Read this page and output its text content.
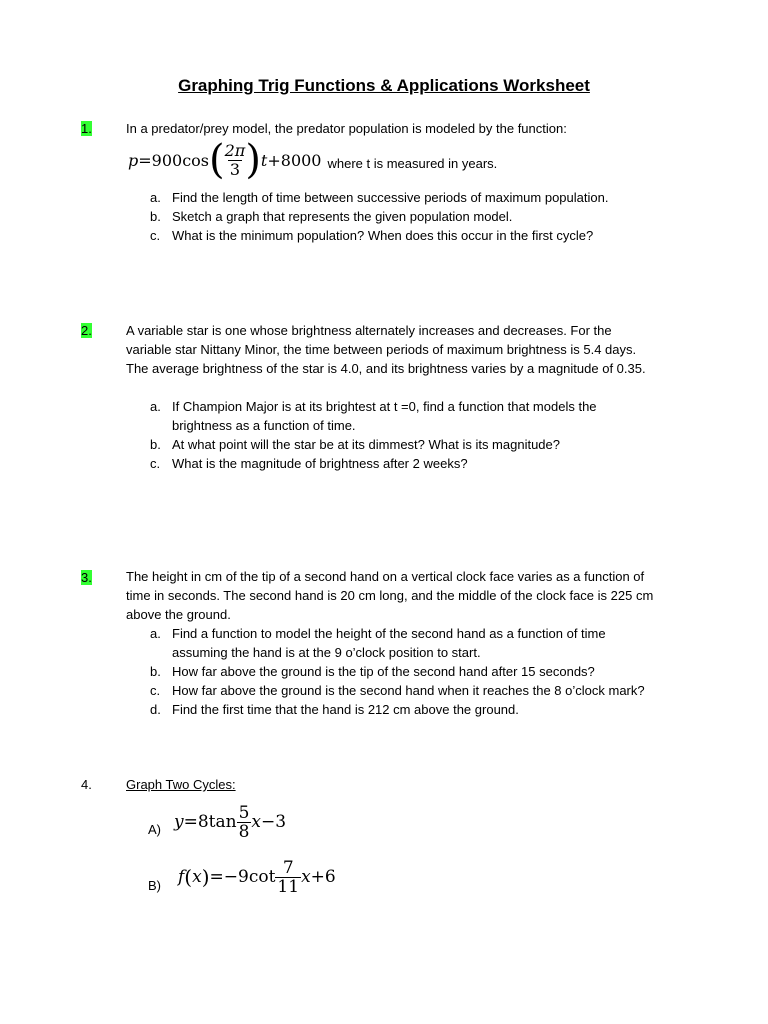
Graphing Trig Functions & Applications Worksheet
1.	In a predator/prey model, the predator population is modeled by the function:
p = 900cos ( $\frac{2\pi}{3}$ ) t +8000 where t is measured in years.
a. Find the length of time between successive periods of maximum population.
b. Sketch a graph that represents the given population model.
c. What is the minimum population? When does this occur in the first cycle?
2.	A variable star is one whose brightness alternately increases and decreases. For the
variable star Nittany Minor, the time between periods of maximum brightness is 5.4 days.
The average brightness of the star is 4.0, and its brightness varies by a magnitude of 0.35.
a. If Champion Major is at its brightest at t =0, find a function that models the
brightness as a function of time.
b. At what point will the star be at its dimmest? What is its magnitude?
c. What is the magnitude of brightness after 2 weeks?
3.	The height in cm of the tip of a second hand on a vertical clock face varies as a function of
time in seconds. The second hand is 20 cm long, and the middle of the clock face is 225 cm
above the ground.
a. Find a function to model the height of the second hand as a function of time
assuming the hand is at the 9 o’clock position to start.
b. How far above the ground is the tip of the second hand after 15 seconds?
c. How far above the ground is the second hand when it reaches the 8 o’clock mark?
d. Find the first time that the hand is 212 cm above the ground.
4.	Graph Two Cycles:
A) $y =8\tan \frac{5}{8}$ x −3
B) f ( x ) $=-9\cot \frac{7}{11}$ x +6
